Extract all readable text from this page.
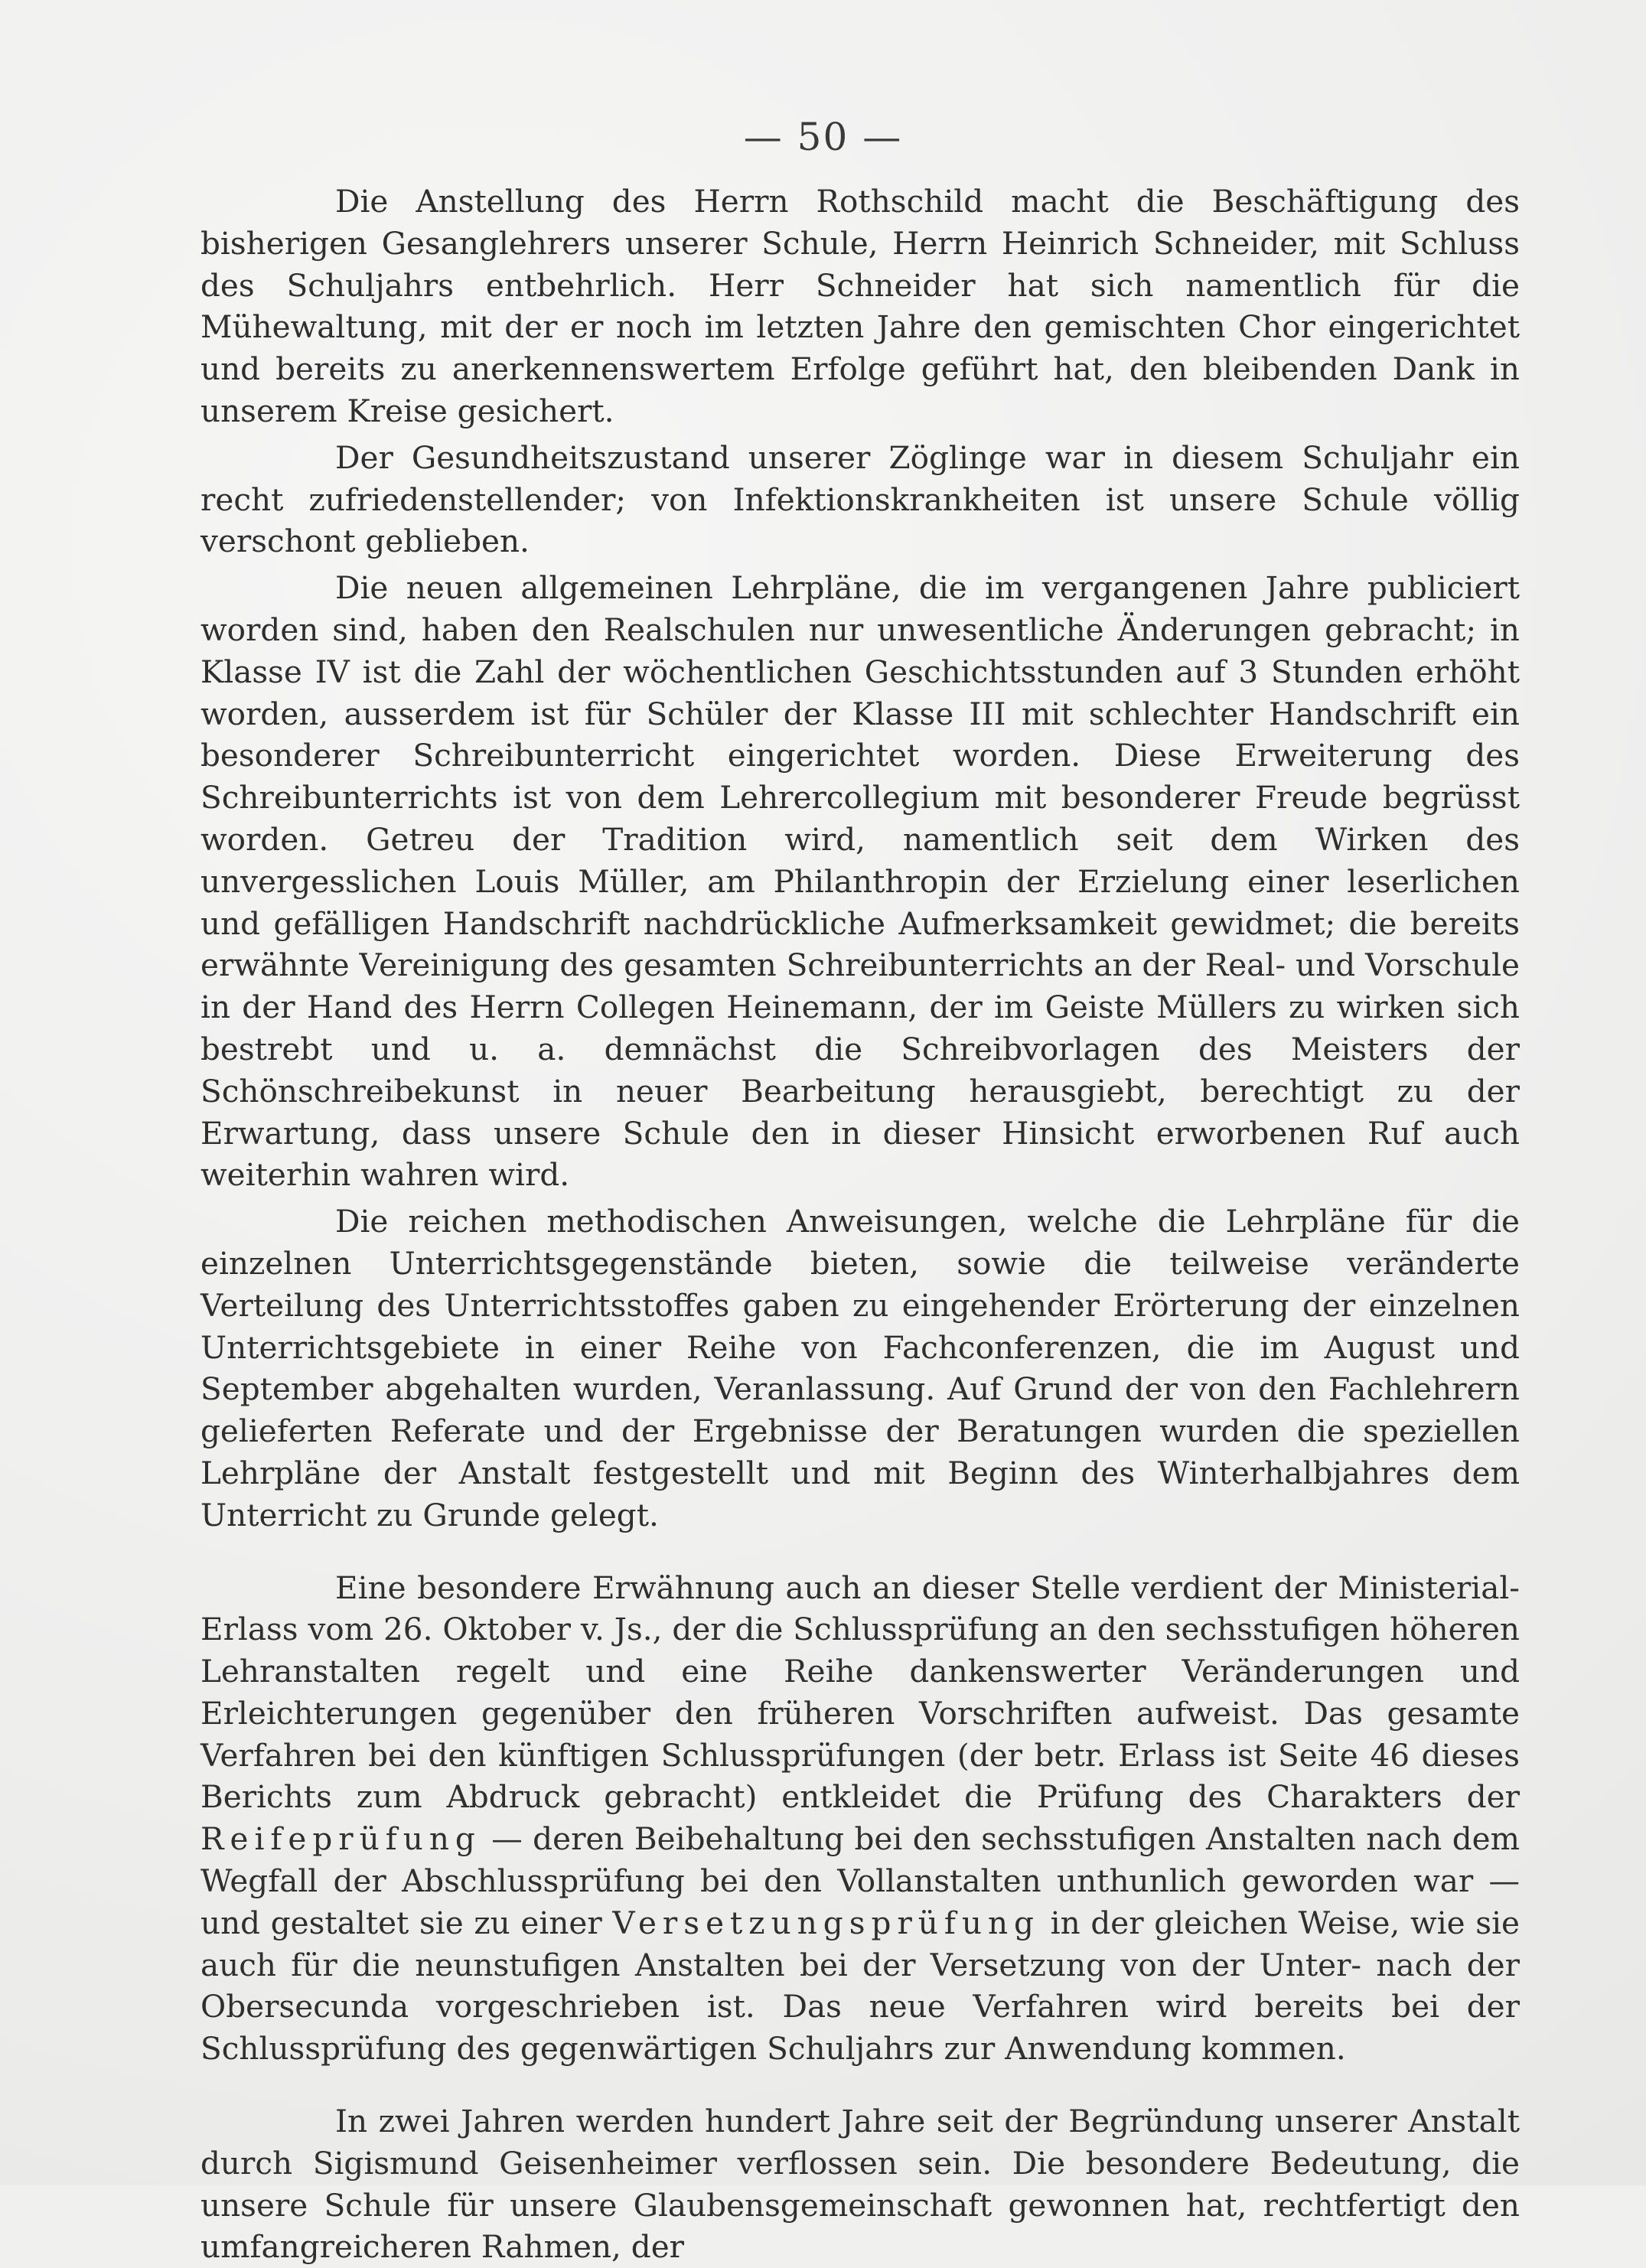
— 50 —

Die Anstellung des Herrn Rothschild macht die Beschäftigung des bisherigen Gesanglehrers unserer Schule, Herrn Heinrich Schneider, mit Schluss des Schuljahrs entbehrlich. Herr Schneider hat sich namentlich für die Mühewaltung, mit der er noch im letzten Jahre den gemischten Chor eingerichtet und bereits zu anerkennenswertem Erfolge geführt hat, den bleibenden Dank in unserem Kreise gesichert.

Der Gesundheitszustand unserer Zöglinge war in diesem Schuljahr ein recht zufriedenstellender; von Infektionskrankheiten ist unsere Schule völlig verschont geblieben.

Die neuen allgemeinen Lehrpläne, die im vergangenen Jahre publiciert worden sind, haben den Realschulen nur unwesentliche Änderungen gebracht; in Klasse IV ist die Zahl der wöchentlichen Geschichtsstunden auf 3 Stunden erhöht worden, ausserdem ist für Schüler der Klasse III mit schlechter Handschrift ein besonderer Schreibunterricht eingerichtet worden. Diese Erweiterung des Schreibunterrichts ist von dem Lehrercollegium mit besonderer Freude begrüsst worden. Getreu der Tradition wird, namentlich seit dem Wirken des unvergesslichen Louis Müller, am Philanthropin der Erzielung einer leserlichen und gefälligen Handschrift nachdrückliche Aufmerksamkeit gewidmet; die bereits erwähnte Vereinigung des gesamten Schreibunterrichts an der Real- und Vorschule in der Hand des Herrn Collegen Heinemann, der im Geiste Müllers zu wirken sich bestrebt und u. a. demnächst die Schreibvorlagen des Meisters der Schönschreibekunst in neuer Bearbeitung herausgiebt, berechtigt zu der Erwartung, dass unsere Schule den in dieser Hinsicht erworbenen Ruf auch weiterhin wahren wird.

Die reichen methodischen Anweisungen, welche die Lehrpläne für die einzelnen Unterrichtsgegenstände bieten, sowie die teilweise veränderte Verteilung des Unterrichtsstoffes gaben zu eingehender Erörterung der einzelnen Unterrichtsgebiete in einer Reihe von Fachconferenzen, die im August und September abgehalten wurden, Veranlassung. Auf Grund der von den Fachlehrern gelieferten Referate und der Ergebnisse der Beratungen wurden die speziellen Lehrpläne der Anstalt festgestellt und mit Beginn des Winterhalbjahres dem Unterricht zu Grunde gelegt.

Eine besondere Erwähnung auch an dieser Stelle verdient der Ministerial-Erlass vom 26. Oktober v. Js., der die Schlussprüfung an den sechsstufigen höheren Lehranstalten regelt und eine Reihe dankenswerter Veränderungen und Erleichterungen gegenüber den früheren Vorschriften aufweist. Das gesamte Verfahren bei den künftigen Schlussprüfungen (der betr. Erlass ist Seite 46 dieses Berichts zum Abdruck gebracht) entkleidet die Prüfung des Charakters der Reifeprüfung — deren Beibehaltung bei den sechsstufigen Anstalten nach dem Wegfall der Abschlussprüfung bei den Vollanstalten unthunlich geworden war — und gestaltet sie zu einer Versetzungsprüfung in der gleichen Weise, wie sie auch für die neunstufigen Anstalten bei der Versetzung von der Unter- nach der Obersecunda vorgeschrieben ist. Das neue Verfahren wird bereits bei der Schlussprüfung des gegenwärtigen Schuljahrs zur Anwendung kommen.

In zwei Jahren werden hundert Jahre seit der Begründung unserer Anstalt durch Sigismund Geisenheimer verflossen sein. Die besondere Bedeutung, die unsere Schule für unsere Glaubensgemeinschaft gewonnen hat, rechtfertigt den umfangreicheren Rahmen, der
